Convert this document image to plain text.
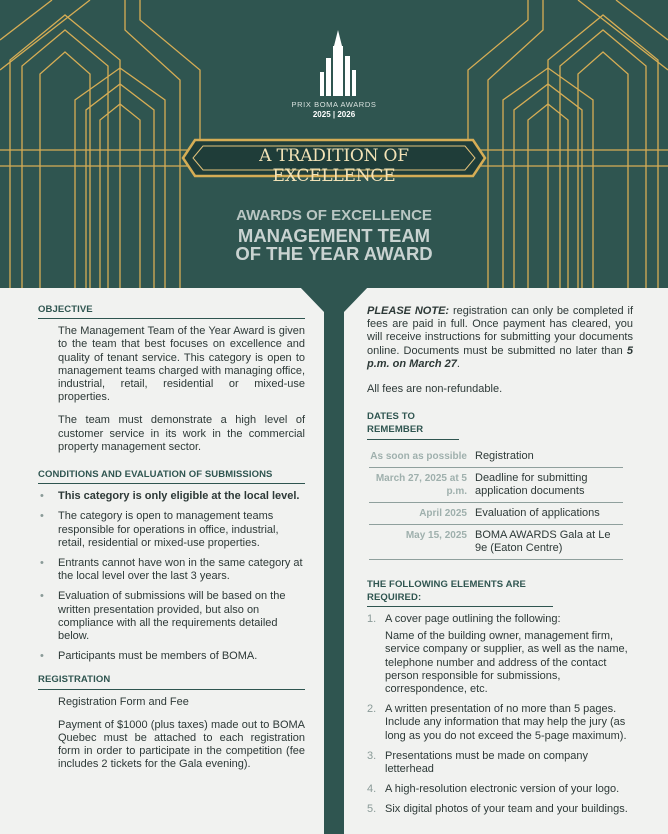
PRIX BOMA AWARDS
2025 | 2026
A TRADITION OF EXCELLENCE
AWARDS OF EXCELLENCE
MANAGEMENT TEAM
OF THE YEAR AWARD
OBJECTIVE

The Management Team of the Year Award is given to the team that best focuses on excellence and quality of tenant service. This category is open to management teams charged with managing office, industrial, retail, residential or mixed-use properties.

The team must demonstrate a high level of customer service in its work in the commercial property management sector.

CONDITIONS AND EVALUATION OF SUBMISSIONS
• This category is only eligible at the local level.
• The category is open to management teams responsible for operations in office, industrial, retail, residential or mixed-use properties.
• Entrants cannot have won in the same category at the local level over the last 3 years.
• Evaluation of submissions will be based on the written presentation provided, but also on compliance with all the requirements detailed below.
• Participants must be members of BOMA.
REGISTRATION

Registration Form and Fee

Payment of $1000 (plus taxes) made out to BOMA Quebec must be attached to each registration form in order to participate in the competition (fee includes 2 tickets for the Gala evening).

PLEASE NOTE: registration can only be completed if fees are paid in full. Once payment has cleared, you will receive instructions for submitting your documents online. Documents must be submitted no later than 5 p.m. on March 27.

All fees are non-refundable.

DATES TO REMEMBER
As soon as possible	Registration
March 27, 2025 at 5 p.m.	Deadline for submitting application documents
April 2025	Evaluation of applications
May 15, 2025	BOMA AWARDS Gala at Le 9e (Eaton Centre)
THE FOLLOWING ELEMENTS ARE REQUIRED:
1. A cover page outlining the following:

Name of the building owner, management firm, service company or supplier, as well as the name, telephone number and address of the contact person responsible for submissions, correspondence, etc.

2. A written presentation of no more than 5 pages. Include any information that may help the jury (as long as you do not exceed the 5-page maximum).
3. Presentations must be made on company letterhead
4. A high-resolution electronic version of your logo.
5. Six digital photos of your team and your buildings.
